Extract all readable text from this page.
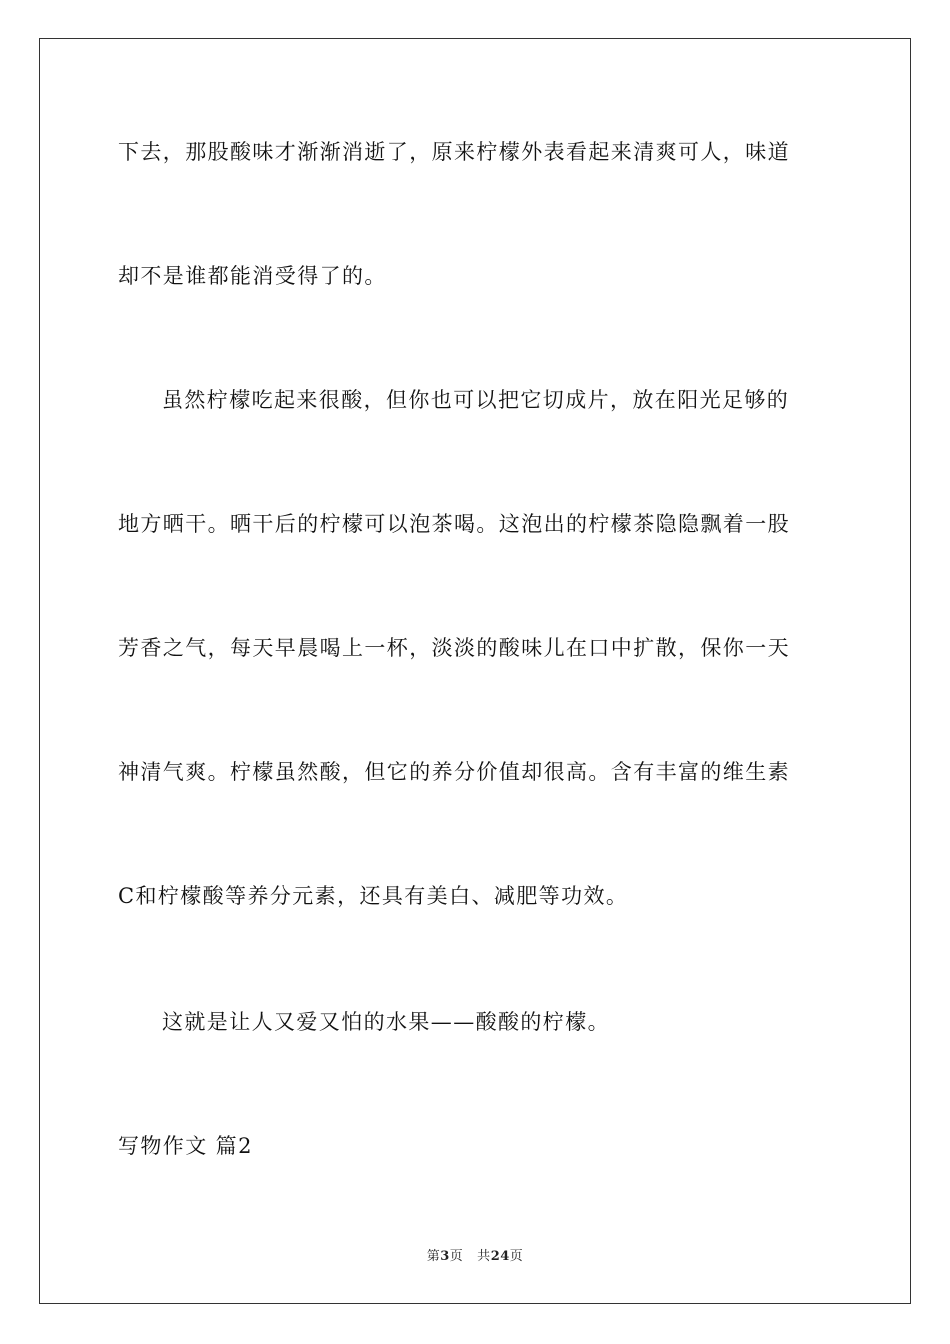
下去，那股酸味才渐渐消逝了，原来柠檬外表看起来清爽可人，味道
却不是谁都能消受得了的。
虽然柠檬吃起来很酸，但你也可以把它切成片，放在阳光足够的
地方晒干。晒干后的柠檬可以泡茶喝。这泡出的柠檬茶隐隐飘着一股
芳香之气，每天早晨喝上一杯，淡淡的酸味儿在口中扩散，保你一天
神清气爽。柠檬虽然酸，但它的养分价值却很高。含有丰富的维生素
C和柠檬酸等养分元素，还具有美白、减肥等功效。
这就是让人又爱又怕的水果——酸酸的柠檬。
写物作文 篇2
第3页 共24页
